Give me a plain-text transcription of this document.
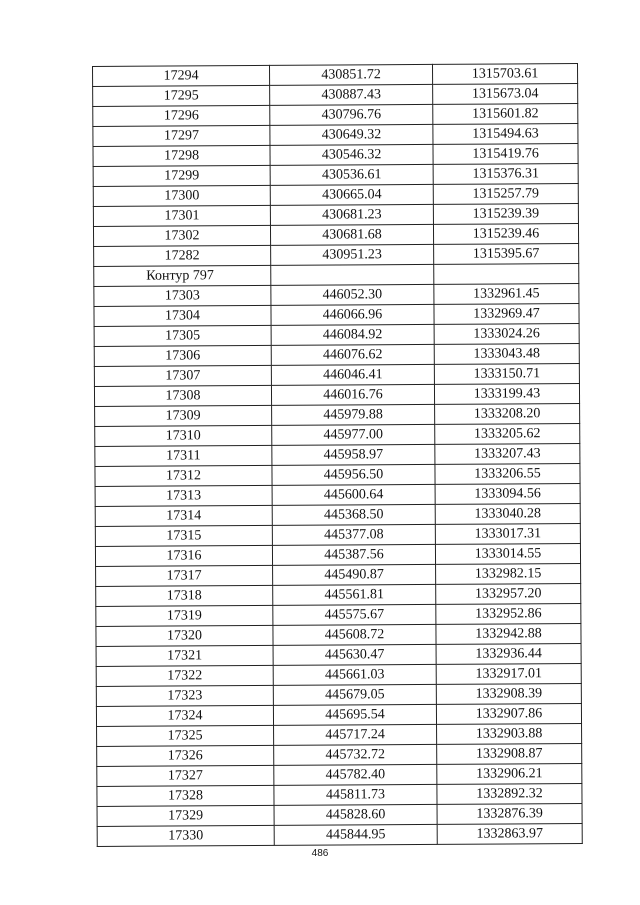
17294	430851.72	1315703.61
17295	430887.43	1315673.04
17296	430796.76	1315601.82
17297	430649.32	1315494.63
17298	430546.32	1315419.76
17299	430536.61	1315376.31
17300	430665.04	1315257.79
17301	430681.23	1315239.39
17302	430681.68	1315239.46
17282	430951.23	1315395.67
Контур 797		
17303	446052.30	1332961.45
17304	446066.96	1332969.47
17305	446084.92	1333024.26
17306	446076.62	1333043.48
17307	446046.41	1333150.71
17308	446016.76	1333199.43
17309	445979.88	1333208.20
17310	445977.00	1333205.62
17311	445958.97	1333207.43
17312	445956.50	1333206.55
17313	445600.64	1333094.56
17314	445368.50	1333040.28
17315	445377.08	1333017.31
17316	445387.56	1333014.55
17317	445490.87	1332982.15
17318	445561.81	1332957.20
17319	445575.67	1332952.86
17320	445608.72	1332942.88
17321	445630.47	1332936.44
17322	445661.03	1332917.01
17323	445679.05	1332908.39
17324	445695.54	1332907.86
17325	445717.24	1332903.88
17326	445732.72	1332908.87
17327	445782.40	1332906.21
17328	445811.73	1332892.32
17329	445828.60	1332876.39
17330	445844.95	1332863.97
486
